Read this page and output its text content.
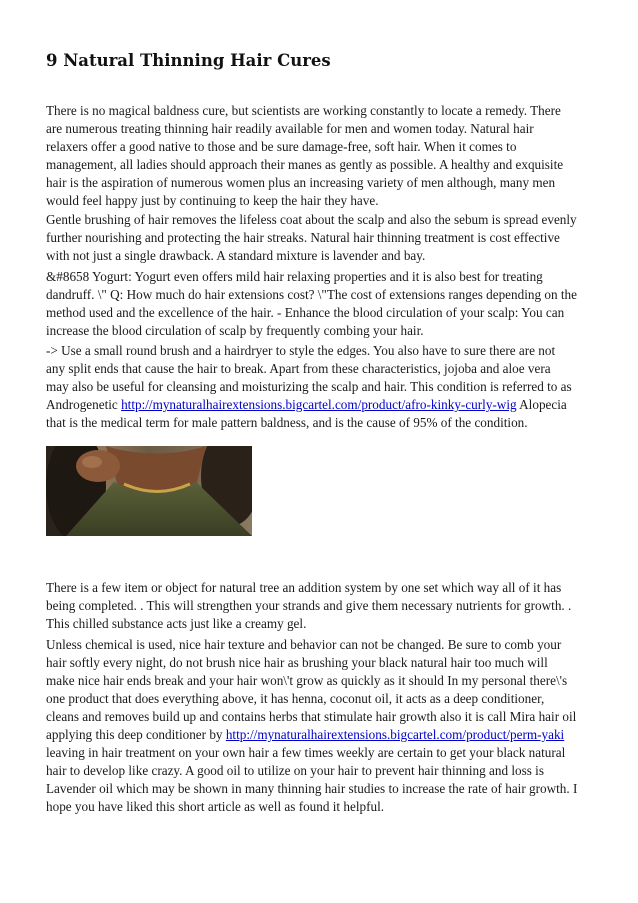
9 Natural Thinning Hair Cures

There is no magical baldness cure, but scientists are working constantly to locate a remedy. There
are numerous treating thinning hair readily available for men and women today. Natural hair
relaxers offer a good native to those and be sure damage-free, soft hair. When it comes to
management, all ladies should approach their manes as gently as possible. A healthy and exquisite
hair is the aspiration of numerous women plus an increasing variety of men although, many men
would feel happy just by continuing to keep the hair they have.

Gentle brushing of hair removes the lifeless coat about the scalp and also the sebum is spread evenly
further nourishing and protecting the hair streaks. Natural hair thinning treatment is cost effective
with not just a single drawback. A standard mixture is lavender and bay.

&#8658 Yogurt: Yogurt even offers mild hair relaxing properties and it is also best for treating
dandruff. \" Q: How much do hair extensions cost? \"The cost of extensions ranges depending on the
method used and the excellence of the hair. - Enhance the blood circulation of your scalp: You can
increase the blood circulation of scalp by frequently combing your hair.

-> Use a small round brush and a hairdryer to style the edges. You also have to sure there are not
any split ends that cause the hair to break. Apart from these characteristics, jojoba and aloe vera
may also be useful for cleansing and moisturizing the scalp and hair. This condition is referred to as
Androgenetic http://mynaturalhairextensions.bigcartel.com/product/afro-kinky-curly-wig Alopecia
that is the medical term for male pattern baldness, and is the cause of 95% of the condition.

There is a few item or object for natural tree an addition system by one set which way all of it has
being completed. . This will strengthen your strands and give them necessary nutrients for growth. .
This chilled substance acts just like a creamy gel.

Unless chemical is used, nice hair texture and behavior can not be changed. Be sure to comb your
hair softly every night, do not brush nice hair as brushing your black natural hair too much will
make nice hair ends break and your hair won\'t grow as quickly as it should In my personal there\'s
one product that does everything above, it has henna, coconut oil, it acts as a deep conditioner,
cleans and removes build up and contains herbs that stimulate hair growth also it is call Mira hair oil
applying this deep conditioner by http://mynaturalhairextensions.bigcartel.com/product/perm-yaki
leaving in hair treatment on your own hair a few times weekly are certain to get your black natural
hair to develop like crazy. A good oil to utilize on your hair to prevent hair thinning and loss is
Lavender oil which may be shown in many thinning hair studies to increase the rate of hair growth. I
hope you have liked this short article as well as found it helpful.
